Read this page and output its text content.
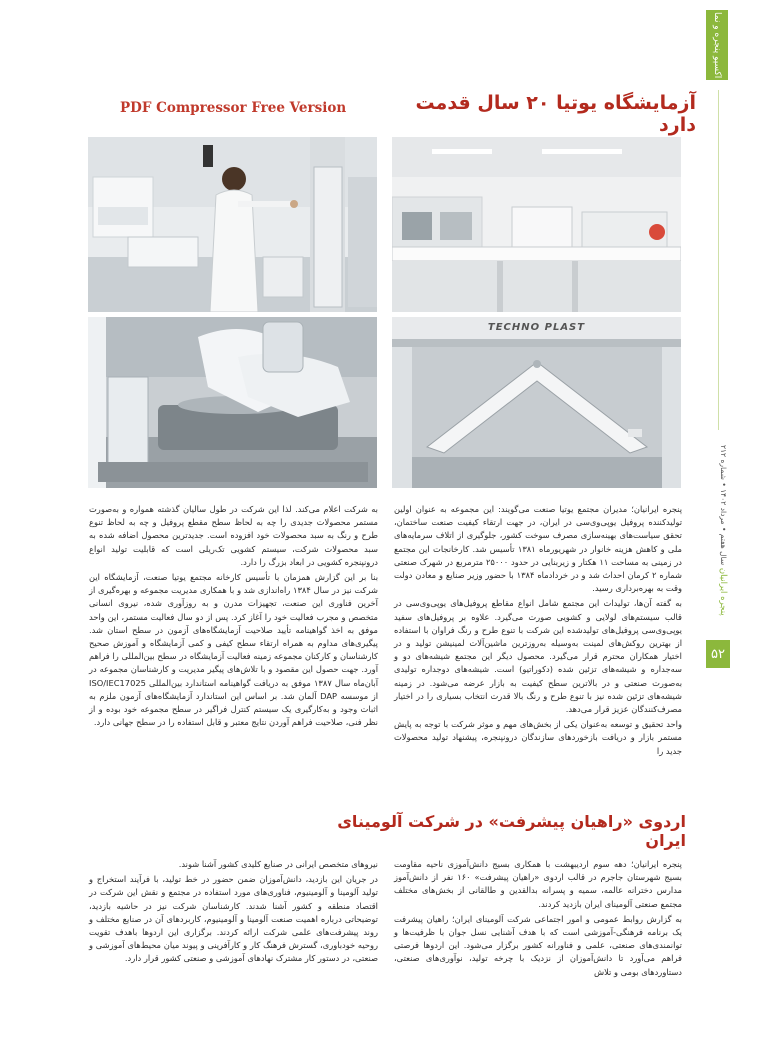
اکسپو پنجره و نما
پنجره ایرانیان سال هفتم • مرداد ۱۴۰۲ • شماره ۲۱۲
۵۲
PDF Compressor Free Version	آزمایشگاه یوتیا ۲۰ سال قدمت دارد
TECHNO PLAST

پنجره ایرانیان؛ مدیران مجتمع یوتیا صنعت می‌گویند: این مجموعه به عنوان اولین تولیدکننده پروفیل یوپی‌وی‌سی در ایران، در جهت ارتقاء کیفیت صنعت ساختمان، تحقق سیاست‌های بهینه‌سازی مصرف سوخت کشور، جلوگیری از اتلاف سرمایه‌های ملی و کاهش هزینه خانوار در شهریورماه ۱۳۸۱ تأسیس شد. کارخانجات این مجتمع در زمینی به مساحت ۱۱ هکتار و زیربنایی در حدود ۲۵۰۰۰ مترمربع در شهرک صنعتی شماره ۲ کرمان احداث شد و در خردادماه ۱۳۸۴ با حضور وزیر صنایع و معادن دولت وقت به بهره‌برداری رسید.

به گفته آن‌ها، تولیدات این مجتمع شامل انواع مقاطع پروفیل‌های یوپی‌وی‌سی در قالب سیستم‌های لولایی و کشویی صورت می‌گیرد. علاوه بر پروفیل‌های سفید یوپی‌وی‌سی پروفیل‌های تولیدشده این شرکت با تنوع طرح و رنگ فراوان با استفاده از بهترین روکش‌های لمینت به‌وسیله به‌روزترین ماشین‌آلات لمینیشن تولید و در اختیار همکاران محترم قرار می‌گیرد. محصول دیگر این مجتمع شیشه‌های دو و سه‌جداره و شیشه‌های تزئین شده (دکوراتیو) است. شیشه‌های دوجداره تولیدی به‌صورت صنعتی و در بالاترین سطح کیفیت به بازار عرضه می‌شود. در زمینه شیشه‌های تزئین شده نیز با تنوع طرح و رنگ بالا قدرت انتخاب بسیاری را در اختیار مصرف‌کنندگان عزیز قرار می‌دهد.

واحد تحقیق و توسعه به‌عنوان یکی از بخش‌های مهم و موثر شرکت با توجه به پایش مستمر بازار و دریافت بازخوردهای سازندگان درونپنجره، پیشنهاد تولید محصولات جدید را

به شرکت اعلام می‌کند. لذا این شرکت در طول سالیان گذشته همواره و به‌صورت مستمر محصولات جدیدی را چه به لحاظ سطح مقطع پروفیل و چه به لحاظ تنوع طرح و رنگ به سبد محصولات خود افزوده است. جدیدترین محصول اضافه شده به سبد محصولات شرکت، سیستم کشویی تک‌ریلی است که قابلیت تولید انواع درونپنجره کشویی در ابعاد بزرگ را دارد.

بنا بر این گزارش همزمان با تأسیس کارخانه مجتمع یوتیا صنعت، آزمایشگاه این شرکت نیز در سال ۱۳۸۴ راه‌اندازی شد و با همکاری مدیریت مجموعه و بهره‌گیری از آخرین فناوری این صنعت، تجهیزات مدرن و به روزآوری شده، نیروی انسانی متخصص و مجرب فعالیت خود را آغاز کرد. پس از دو سال فعالیت مستمر، این واحد موفق به اخذ گواهینامه تأیید صلاحیت آزمایشگاه‌های آزمون در سطح استان شد. پیگیری‌های مداوم به همراه ارتقاء سطح کیفی و کمی آزمایشگاه و آموزش صحیح کارشناسان و کارکنان مجموعه زمینه فعالیت آزمایشگاه در سطح بین‌المللی را فراهم آورد. جهت حصول این مقصود و با تلاش‌های پیگیر مدیریت و کارشناسان مجموعه در آبان‌ماه سال ۱۳۸۷ موفق به دریافت گواهینامه استاندارد بین‌المللی ISO/IEC17025 از موسسه DAP آلمان شد. بر اساس این استاندارد آزمایشگاه‌های آزمون ملزم به اثبات وجود و به‌کارگیری یک سیستم کنترل فراگیر در سطح مجموعه خود بوده و از نظر فنی، صلاحیت فراهم آوردن نتایج معتبر و قابل استفاده را در سطح جهانی دارد.

اردوی «راهیان پیشرفت» در شرکت آلومینای ایران

پنجره ایرانیان؛ دهه سوم اردیبهشت با همکاری بسیج دانش‌آموزی ناحیه مقاومت بسیج شهرستان جاجرم در قالب اردوی «راهیان پیشرفت» ۱۶۰ نفر از دانش‌آموز مدارس دخترانه عالمه، سمیه و پسرانه بدالقدین و طالقانی از بخش‌های مختلف مجتمع صنعتی آلومینای ایران بازدید کردند.

به گزارش روابط عمومی و امور اجتماعی شرکت آلومینای ایران؛ راهیان پیشرفت یک برنامه فرهنگی-آموزشی است که با هدف آشنایی نسل جوان با ظرفیت‌ها و توانمندی‌های صنعتی، علمی و فناورانه کشور برگزار می‌شود. این اردوها فرصتی فراهم می‌آورد تا دانش‌آموزان از نزدیک با چرخه تولید، نوآوری‌های صنعتی، دستاوردهای بومی و تلاش

نیروهای متخصص ایرانی در صنایع کلیدی کشور آشنا شوند.

در جریان این بازدید، دانش‌آموزان ضمن حضور در خط تولید، با فرآیند استخراج و تولید آلومینا و آلومینیوم، فناوری‌های مورد استفاده در مجتمع و نقش این شرکت در اقتصاد منطقه و کشور آشنا شدند. کارشناسان شرکت نیز در حاشیه بازدید، توضیحاتی درباره اهمیت صنعت آلومینا و آلومینیوم، کاربردهای آن در صنایع مختلف و روند پیشرفت‌های علمی شرکت ارائه کردند. برگزاری این اردوها باهدف تقویت روحیه خودباوری، گسترش فرهنگ کار و کارآفرینی و پیوند میان محیط‌های آموزشی و صنعتی، در دستور کار مشترک نهادهای آموزشی و صنعتی کشور قرار دارد.
